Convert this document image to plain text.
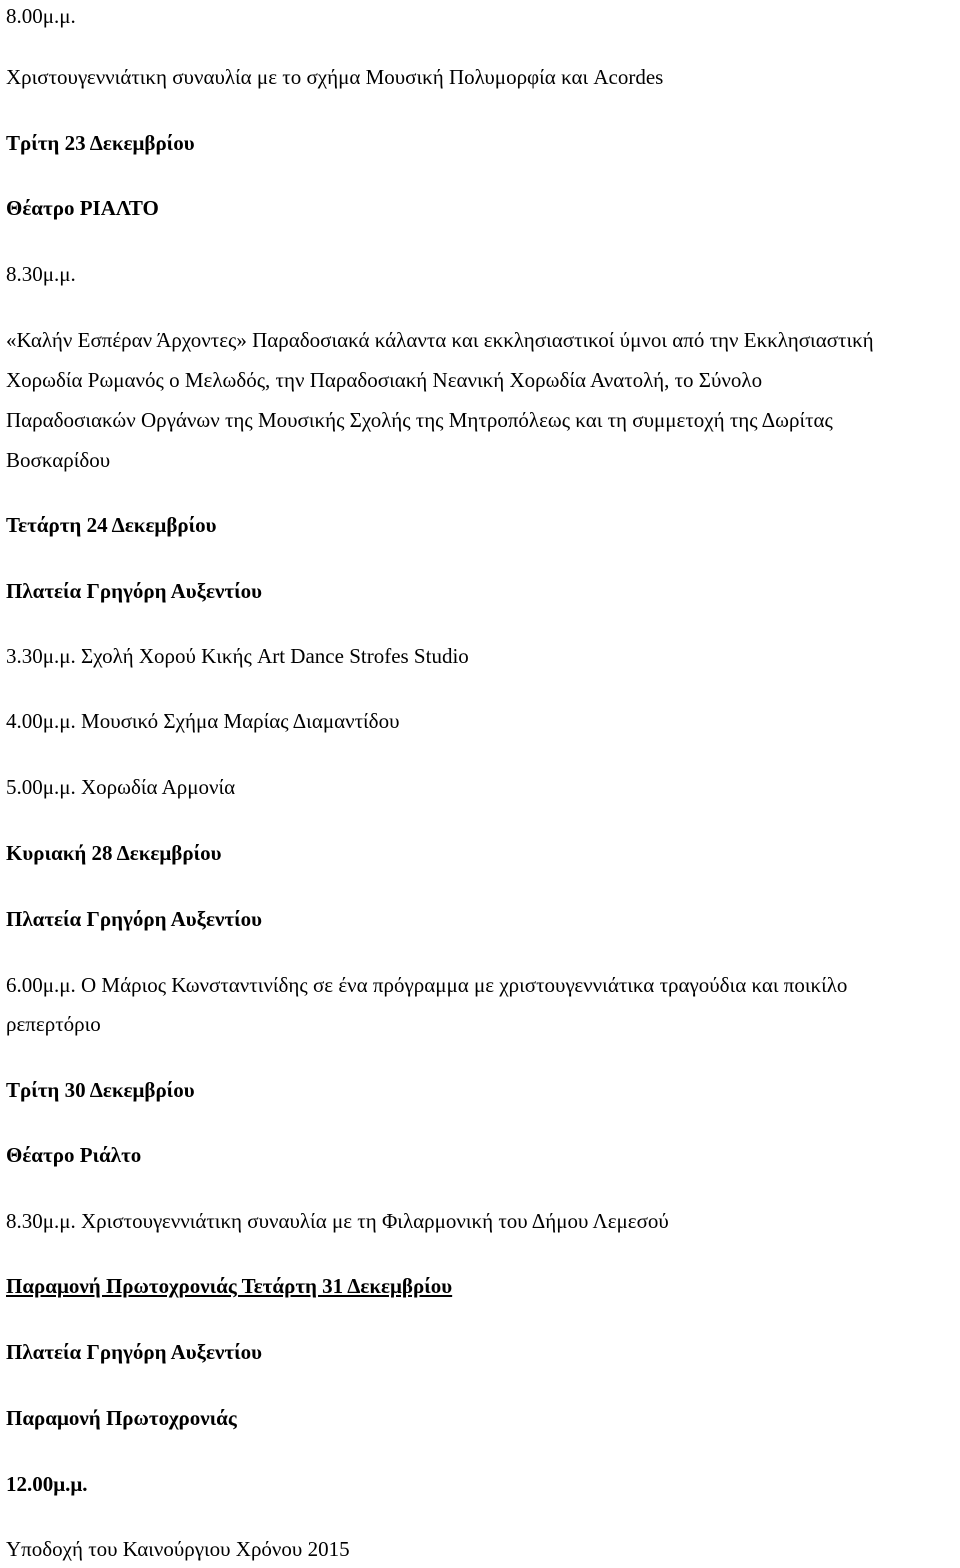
8.00μ.μ.

Χριστουγεννιάτικη συναυλία με το σχήμα Μουσική Πολυμορφία και Acordes

Τρίτη 23 Δεκεμβρίου

Θέατρο ΡΙΑΛΤΟ

8.30μ.μ.

«Καλήν Εσπέραν Άρχοντες» Παραδοσιακά κάλαντα και εκκλησιαστικοί ύμνοι από την Εκκλησιαστική

Χορωδία Ρωμανός ο Μελωδός, την Παραδοσιακή Νεανική Χορωδία Ανατολή, το Σύνολο

Παραδοσιακών Οργάνων της Μουσικής Σχολής της Μητροπόλεως και τη συμμετοχή της Δωρίτας

Βοσκαρίδου

Τετάρτη 24 Δεκεμβρίου

Πλατεία Γρηγόρη Αυξεντίου

3.30μ.μ. Σχολή Χορού Κικής Art Dance Strofes Studio

4.00μ.μ. Μουσικό Σχήμα Μαρίας Διαμαντίδου

5.00μ.μ. Χορωδία Αρμονία

Κυριακή 28 Δεκεμβρίου

Πλατεία Γρηγόρη Αυξεντίου

6.00μ.μ. Ο Μάριος Κωνσταντινίδης σε ένα πρόγραμμα με χριστουγεννιάτικα τραγούδια και ποικίλο

ρεπερτόριο

Τρίτη 30 Δεκεμβρίου

Θέατρο Ριάλτο

8.30μ.μ. Χριστουγεννιάτικη συναυλία με τη Φιλαρμονική του Δήμου Λεμεσού

Παραμονή Πρωτοχρονιάς Τετάρτη 31 Δεκεμβρίου

Πλατεία Γρηγόρη Αυξεντίου

Παραμονή Πρωτοχρονιάς

12.00μ.μ.

Υποδοχή του Καινούργιου Χρόνου 2015
